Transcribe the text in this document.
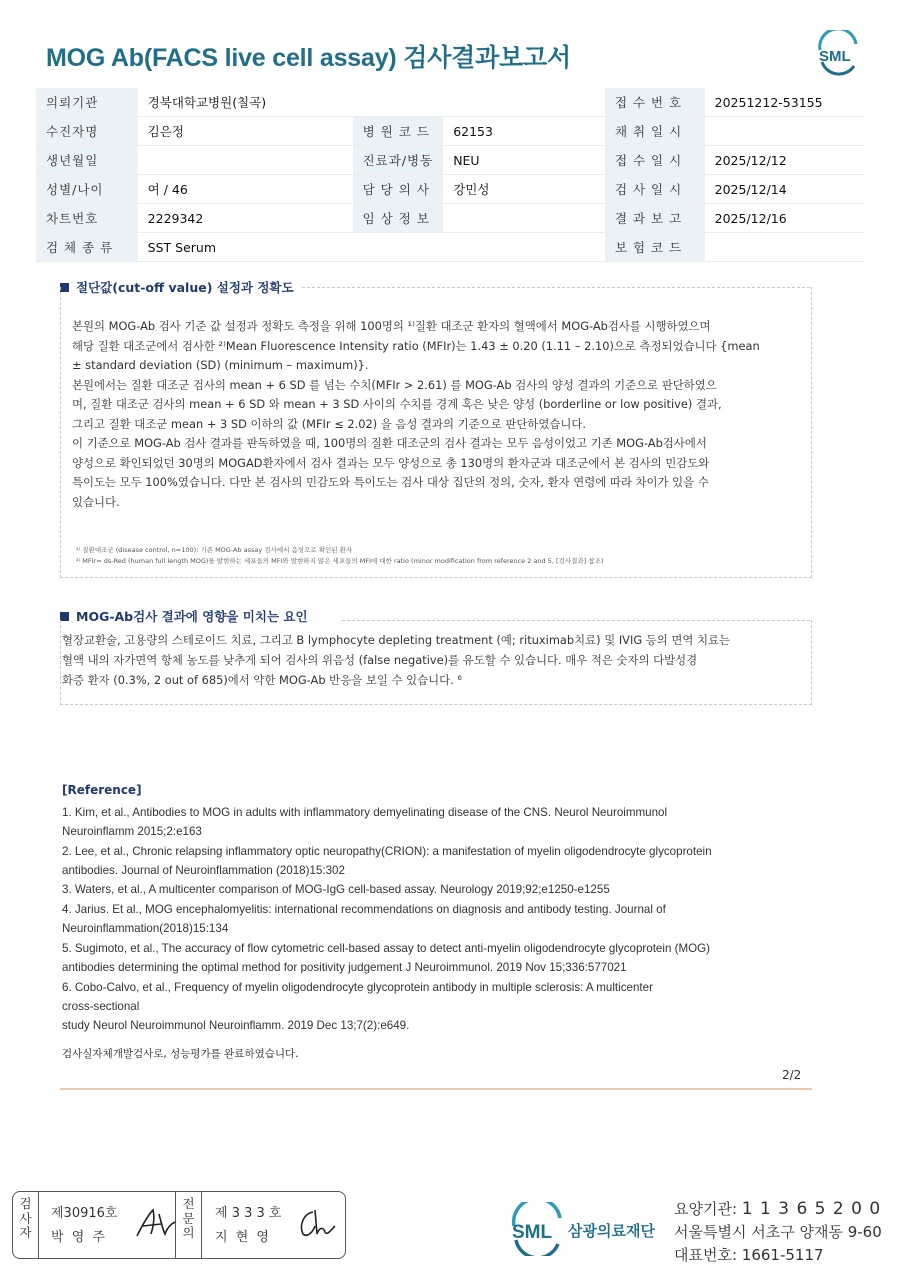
MOG Ab(FACS live cell assay) 검사결과보고서	SML
의뢰기관	경북대학교병원(칠곡)			접 수 번 호	20251212-53155
수진자명	김은정	병 원 코 드	62153	채 취 일 시	
생년월일		진료과/병동	NEU	접 수 일 시	2025/12/12
성별/나이	여 / 46	담 당 의 사	강민성	검 사 일 시	2025/12/14
차트번호	2229342	임 상 정 보		결 과 보 고	2025/12/16
검 체 종 류	SST Serum			보 험 코 드	
절단값(cut-off value) 설정과 정확도
본원의 MOG-Ab 검사 기준 값 설정과 정확도 측정을 위해 100명의 ¹⁾질환 대조군 환자의 혈액에서 MOG-Ab검사를 시행하였으며
해당 질환 대조군에서 검사한 ²⁾Mean Fluorescence Intensity ratio (MFIr)는 1.43 ± 0.20 (1.11 – 2.10)으로 측정되었습니다 {mean
± standard deviation (SD) (minimum – maximum)}.
본원에서는 질환 대조군 검사의 mean + 6 SD 를 넘는 수치(MFIr > 2.61) 를 MOG-Ab 검사의 양성 결과의 기준으로 판단하였으
며, 질환 대조군 검사의 mean + 6 SD 와 mean + 3 SD 사이의 수치를 경계 혹은 낮은 양성 (borderline or low positive) 결과,
그리고 질환 대조군 mean + 3 SD 이하의 값 (MFIr ≤ 2.02) 을 음성 결과의 기준으로 판단하였습니다.
이 기준으로 MOG-Ab 검사 결과를 판독하였을 때, 100명의 질환 대조군의 검사 결과는 모두 음성이었고 기존 MOG-Ab검사에서
양성으로 확인되었던 30명의 MOGAD환자에서 검사 결과는 모두 양성으로 총 130명의 환자군과 대조군에서 본 검사의 민감도와
특이도는 모두 100%였습니다. 다만 본 검사의 민감도와 특이도는 검사 대상 집단의 정의, 숫자, 환자 연령에 따라 차이가 있을 수
있습니다.
¹⁾ 질환대조군 (disease control, n=100): 기존 MOG-Ab assay 검사에서 음성으로 확인된 환자
²⁾ MFIr= ds-Red (human full length MOG)를 발현하는 세포들의 MFI와 발현하지 않은 세포들의 MFI에 대한 ratio (minor modification from reference 2 and 5, [검사결과] 참조)
MOG-Ab검사 결과에 영향을 미치는 요인
혈장교환술, 고용량의 스테로이드 치료, 그리고 B lymphocyte depleting treatment (예; rituximab치료) 및 IVIG 등의 면역 치료는
혈액 내의 자가면역 항체 농도를 낮추게 되어 검사의 위음성 (false negative)를 유도할 수 있습니다. 매우 적은 숫자의 다발성경
화증 환자 (0.3%, 2 out of 685)에서 약한 MOG-Ab 반응을 보일 수 있습니다. ⁶
[Reference]
1. Kim, et al., Antibodies to MOG in adults with inflammatory demyelinating disease of the CNS. Neurol Neuroimmunol
Neuroinflamm 2015;2:e163
2. Lee, et al., Chronic relapsing inflammatory optic neuropathy(CRION): a manifestation of myelin oligodendrocyte glycoprotein
antibodies. Journal of Neuroinflammation (2018)15:302
3. Waters, et al., A multicenter comparison of MOG-IgG cell-based assay. Neurology 2019;92;e1250-e1255
4. Jarius. Et al., MOG encephalomyelitis: international recommendations on diagnosis and antibody testing. Journal of
Neuroinflammation(2018)15:134
5. Sugimoto, et al., The accuracy of flow cytometric cell-based assay to detect anti-myelin oligodendrocyte glycoprotein (MOG)
antibodies determining the optimal method for positivity judgement J Neuroimmunol. 2019 Nov 15;336:577021
6. Cobo-Calvo, et al., Frequency of myelin oligodendrocyte glycoprotein antibody in multiple sclerosis: A multicenter
cross-sectional
study Neurol Neuroimmunol Neuroinflamm. 2019 Dec 13;7(2):e649.
검사실자체개발검사로, 성능평가를 완료하였습니다.
2/2
검사자
제30916호
박 영 주
전문의
제 3 3 3 호
지 현 영	SML 삼광의료재단
요양기관: 1 1 3 6 5 2 0 0
서울특별시 서초구 양재동 9-60
대표번호: 1661-5117
